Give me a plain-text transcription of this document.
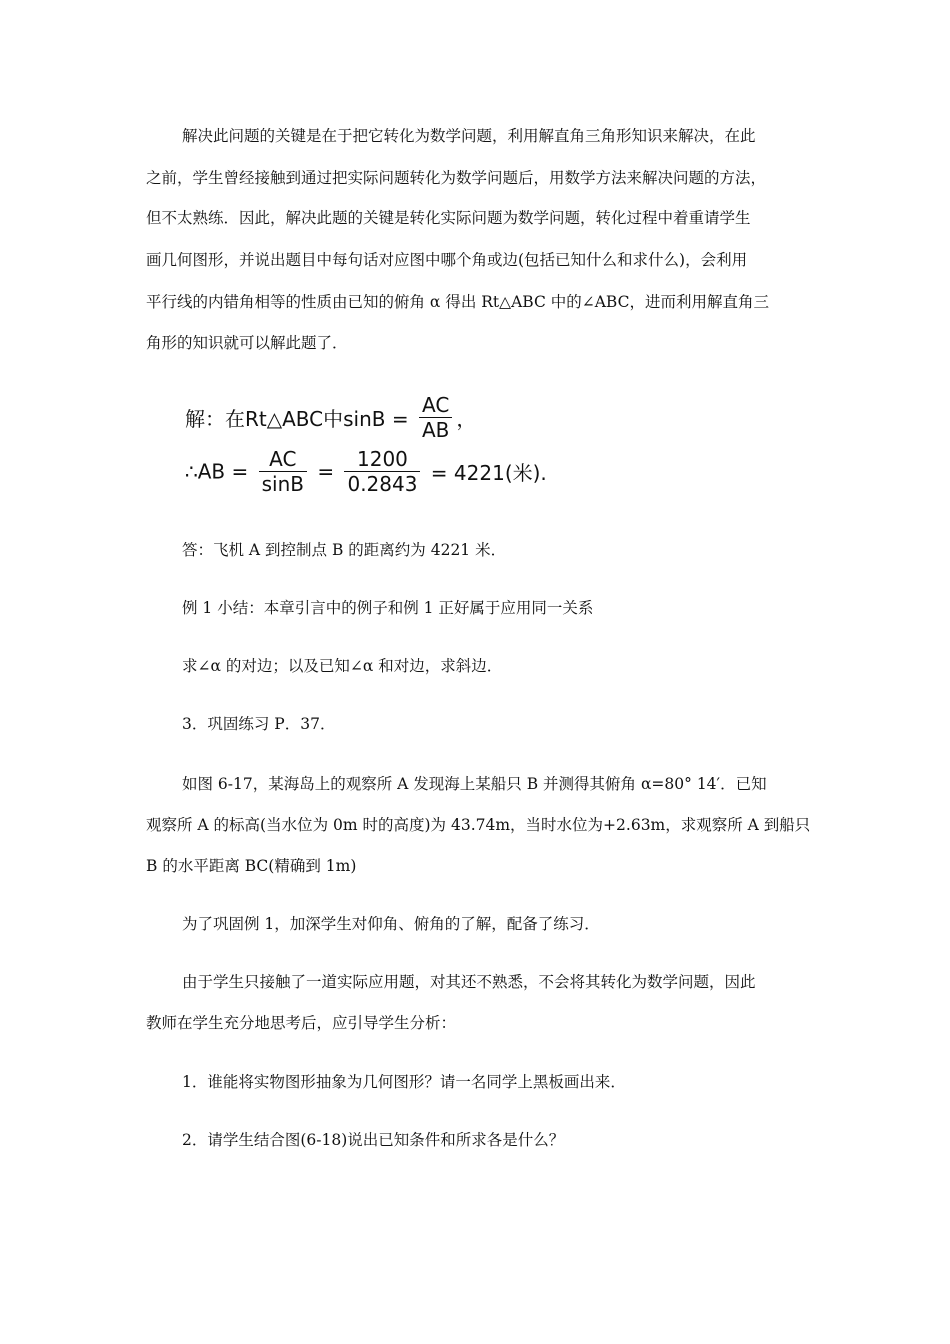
解决此问题的关键是在于把它转化为数学问题，利用解直角三角形知识来解决，在此
之前，学生曾经接触到通过把实际问题转化为数学问题后，用数学方法来解决问题的方法，
但不太熟练．因此，解决此题的关键是转化实际问题为数学问题，转化过程中着重请学生
画几何图形，并说出题目中每句话对应图中哪个角或边(包括已知什么和求什么)，会利用
平行线的内错角相等的性质由已知的俯角 α 得出 Rt△ABC 中的∠ABC，进而利用解直角三
角形的知识就可以解此题了．
解：在Rt△ABC中$\sin B = \frac{AC}{AB}$ ，
∴AB = $\frac{AC}{\sin B} = \frac{1200}{0.2843} = 4221$(米).
答：飞机 A 到控制点 B 的距离约为 4221 米．
例 1 小结：本章引言中的例子和例 1 正好属于应用同一关系
求∠α 的对边；以及已知∠α 和对边，求斜边．
3．巩固练习 P．37．
如图 6-17，某海岛上的观察所 A 发现海上某船只 B 并测得其俯角 α=80° 14′．已知
观察所 A 的标高(当水位为 0m 时的高度)为 43.74m，当时水位为+2.63m，求观察所 A 到船只
B 的水平距离 BC(精确到 1m)
为了巩固例 1，加深学生对仰角、俯角的了解，配备了练习．
由于学生只接触了一道实际应用题，对其还不熟悉，不会将其转化为数学问题，因此
教师在学生充分地思考后，应引导学生分析：
1．谁能将实物图形抽象为几何图形？请一名同学上黑板画出来．
2．请学生结合图(6-18)说出已知条件和所求各是什么？
